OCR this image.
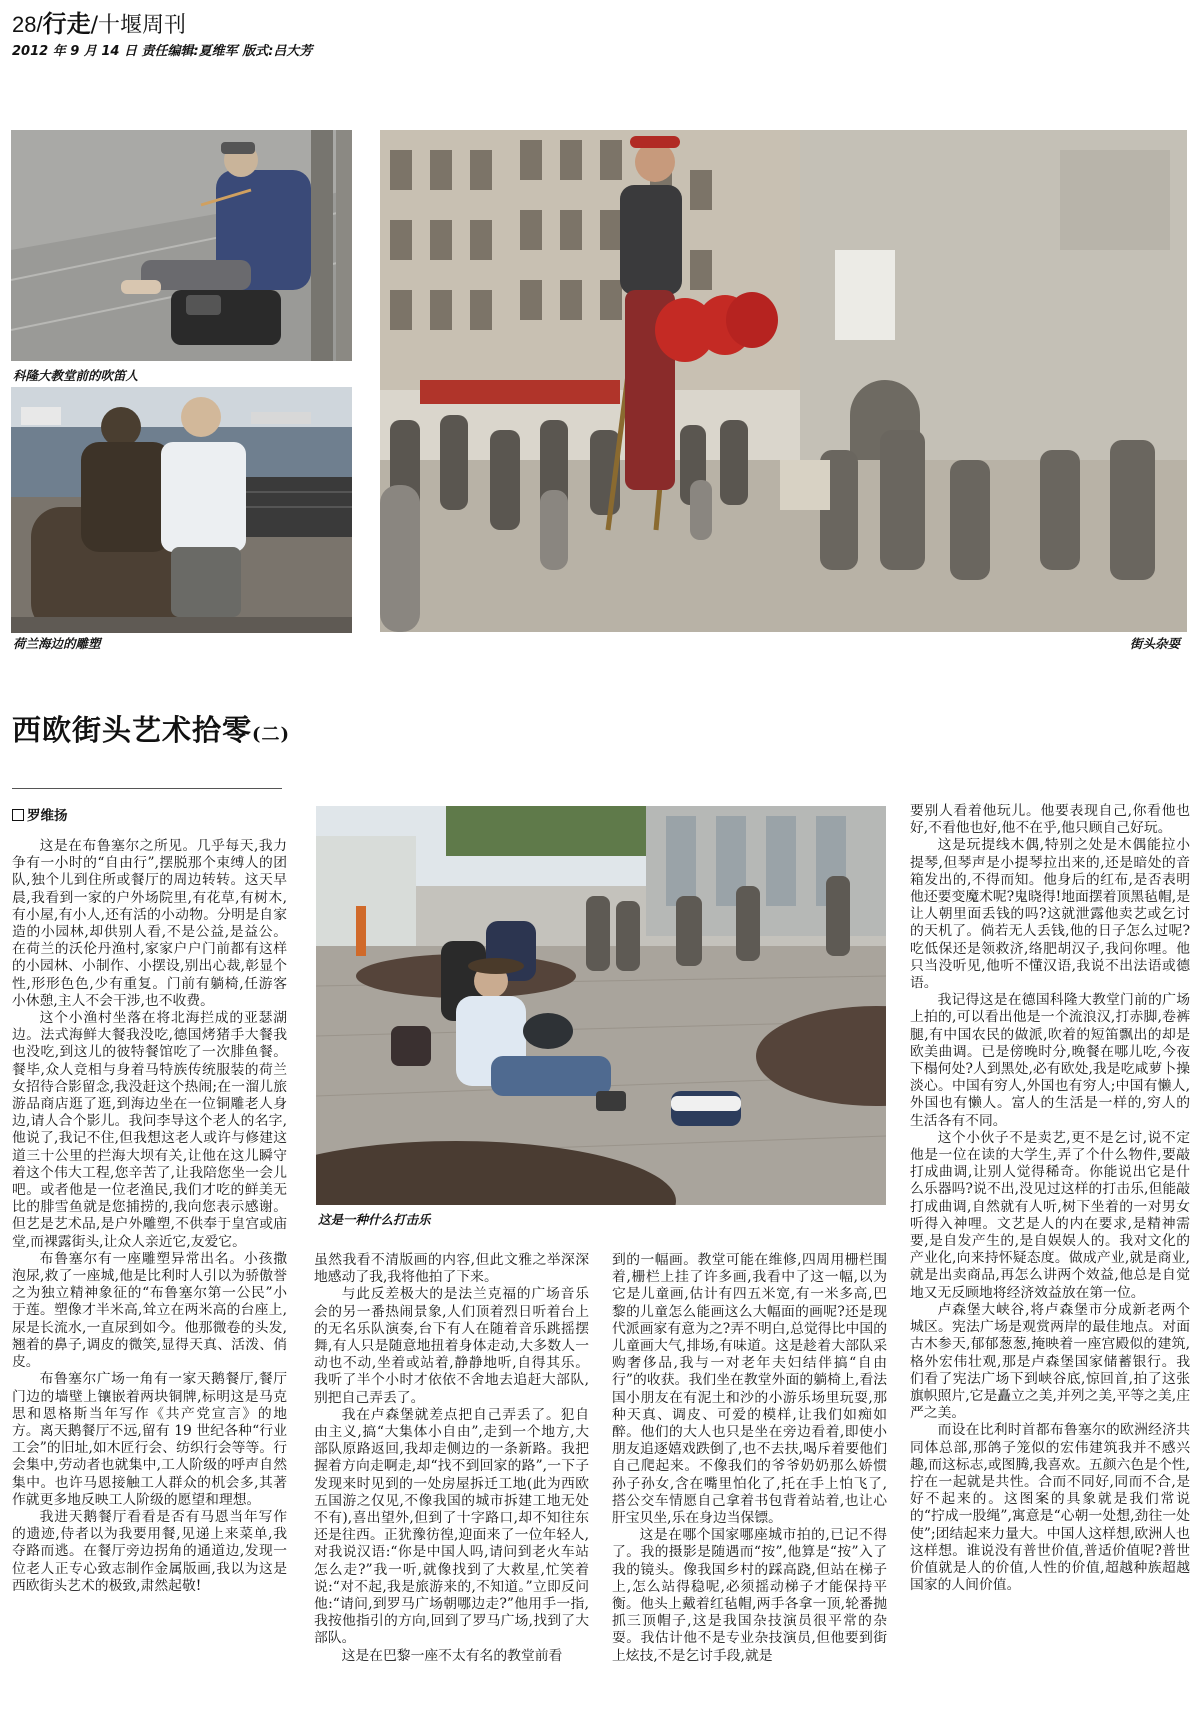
28/行走/十堰周刊
2012 年 9 月 14 日 责任编辑:夏维军 版式:吕大芳
科隆大教堂前的吹笛人
荷兰海边的雕塑	街头杂耍
西欧街头艺术拾零(二)
罗维扬
这是一种什么打击乐

这是在布鲁塞尔之所见。几乎每天,我力争有一小时的“自由行”,摆脱那个束缚人的团队,独个儿到住所或餐厅的周边转转。这天早晨,我看到一家的户外场院里,有花草,有树木,有小屋,有小人,还有活的小动物。分明是自家造的小园林,却供别人看,不是公益,是益公。在荷兰的沃伦丹渔村,家家户户门前都有这样的小园林、小制作、小摆设,别出心裁,彰显个性,形形色色,少有重复。门前有躺椅,任游客小休憩,主人不会干涉,也不收费。

这个小渔村坐落在将北海拦成的亚瑟湖边。法式海鲜大餐我没吃,德国烤猪手大餐我也没吃,到这儿的彼特餐馆吃了一次腓鱼餐。餐毕,众人竞相与身着马特族传统服装的荷兰女招待合影留念,我没赶这个热闹;在一溜儿旅游品商店逛了逛,到海边坐在一位铜雕老人身边,请人合个影儿。我问李导这个老人的名字,他说了,我记不住,但我想这老人或许与修建这道三十公里的拦海大坝有关,让他在这儿瞬守着这个伟大工程,您辛苦了,让我陪您坐一会儿吧。或者他是一位老渔民,我们才吃的鲜美无比的腓雪鱼就是您捕捞的,我向您表示感谢。但艺是艺术品,是户外雕塑,不供奉于皇宫或庙堂,而裸露街头,让众人亲近它,友爱它。

布鲁塞尔有一座雕塑异常出名。小孩撒泡尿,救了一座城,他是比利时人引以为骄傲誉之为独立精神象征的“布鲁塞尔第一公民”小于莲。塑像才半米高,耸立在两米高的台座上,尿是长流水,一直尿到如今。他那微卷的头发,翘着的鼻子,调皮的微笑,显得天真、活泼、俏皮。

布鲁塞尔广场一角有一家天鹅餐厅,餐厅门边的墙壁上镶嵌着两块铜牌,标明这是马克思和恩格斯当年写作《共产党宣言》的地方。离天鹅餐厅不远,留有 19 世纪各种“行业工会”的旧址,如木匠行会、纺织行会等等。行会集中,劳动者也就集中,工人阶级的呼声自然集中。也许马恩接触工人群众的机会多,其著作就更多地反映工人阶级的愿望和理想。

我进天鹅餐厅看看是否有马恩当年写作的遗迹,侍者以为我要用餐,见递上来菜单,我夺路而逃。在餐厅旁边拐角的通道边,发现一位老人正专心致志制作金属版画,我以为这是西欧街头艺术的极致,肃然起敬!

虽然我看不清版画的内容,但此文雅之举深深地感动了我,我将他拍了下来。

与此反差极大的是法兰克福的广场音乐会的另一番热闹景象,人们顶着烈日听着台上的无名乐队演奏,台下有人在随着音乐跳摇摆舞,有人只是随意地扭着身体走动,大多数人一动也不动,坐着或站着,静静地听,自得其乐。我听了半个小时才依依不舍地去追赶大部队,别把自己弄丢了。

我在卢森堡就差点把自己弄丢了。犯自由主义,搞“大集体小自由”,走到一个地方,大部队原路返回,我却走侧边的一条新路。我把握着方向走啊走,却“找不到回家的路”,一下子发现来时见到的一处房屋拆迁工地(此为西欧五国游之仅见,不像我国的城市拆建工地无处不有),喜出望外,但到了十字路口,却不知往东还是往西。正犹豫彷徨,迎面来了一位年轻人,对我说汉语:“你是中国人吗,请问到老火车站怎么走?”我一听,就像找到了大救星,忙笑着说:“对不起,我是旅游来的,不知道。”立即反问他:“请问,到罗马广场朝哪边走?”他用手一指,我按他指引的方向,回到了罗马广场,找到了大部队。

这是在巴黎一座不太有名的教堂前看

到的一幅画。教堂可能在维修,四周用栅栏围着,栅栏上挂了许多画,我看中了这一幅,以为它是儿童画,估计有四五米宽,有一米多高,巴黎的儿童怎么能画这么大幅面的画呢?还是现代派画家有意为之?弄不明白,总觉得比中国的儿童画大气,排场,有味道。这是趁着大部队采购奢侈品,我与一对老年夫妇结伴搞“自由行”的收获。我们坐在教堂外面的躺椅上,看法国小朋友在有泥土和沙的小游乐场里玩耍,那种天真、调皮、可爱的模样,让我们如痴如醉。他们的大人也只是坐在旁边看着,即使小朋友追逐嬉戏跌倒了,也不去扶,喝斥着要他们自己爬起来。不像我们的爷爷奶奶那么娇惯孙子孙女,含在嘴里怕化了,托在手上怕飞了,搭公交车情愿自己拿着书包背着站着,也让心肝宝贝坐,乐在身边当保镖。

这是在哪个国家哪座城市拍的,已记不得了。我的摄影是随遇而“按”,他算是“按”入了我的镜头。像我国乡村的踩高跷,但站在梯子上,怎么站得稳呢,必须摇动梯子才能保持平衡。他头上戴着红毡帽,两手各拿一顶,轮番抛抓三顶帽子,这是我国杂技演员很平常的杂耍。我估计他不是专业杂技演员,但他要到街上炫技,不是乞讨手段,就是

要别人看着他玩儿。他要表现自己,你看他也好,不看他也好,他不在乎,他只顾自己好玩。

这是玩提线木偶,特别之处是木偶能拉小提琴,但琴声是小提琴拉出来的,还是暗处的音箱发出的,不得而知。他身后的红布,是否表明他还要变魔术呢?鬼晓得!地面摆着顶黑毡帽,是让人朝里面丢钱的吗?这就泄露他卖艺或乞讨的天机了。倘若无人丢钱,他的日子怎么过呢?吃低保还是领救济,络肥胡汉子,我问你哩。他只当没听见,他听不懂汉语,我说不出法语或德语。

我记得这是在德国科隆大教堂门前的广场上拍的,可以看出他是一个流浪汉,打赤脚,卷裤腿,有中国农民的做派,吹着的短笛飘出的却是欧美曲调。已是傍晚时分,晚餐在哪儿吃,今夜下榻何处?人到黑处,必有欧处,我是吃咸萝卜操淡心。中国有穷人,外国也有穷人;中国有懒人,外国也有懒人。富人的生活是一样的,穷人的生活各有不同。

这个小伙子不是卖艺,更不是乞讨,说不定他是一位在读的大学生,弄了个什么物件,要敲打成曲调,让别人觉得稀奇。你能说出它是什么乐器吗?说不出,没见过这样的打击乐,但能敲打成曲调,自然就有人听,树下坐着的一对男女听得入神哩。文艺是人的内在要求,是精神需要,是自发产生的,是自娱娱人的。我对文化的产业化,向来持怀疑态度。做成产业,就是商业,就是出卖商品,再怎么讲两个效益,他总是自觉地又无反顾地将经济效益放在第一位。

卢森堡大峡谷,将卢森堡市分成新老两个城区。宪法广场是观赏两岸的最佳地点。对面古木参天,郁郁葱葱,掩映着一座宫殿似的建筑,格外宏伟壮观,那是卢森堡国家储蓄银行。我们看了宪法广场下到峡谷底,惊回首,拍了这张旗帜照片,它是矗立之美,并列之美,平等之美,庄严之美。

而设在比利时首都布鲁塞尔的欧洲经济共同体总部,那鸽子笼似的宏伟建筑我并不感兴趣,而这标志,或图腾,我喜欢。五颜六色是个性,拧在一起就是共性。合而不同好,同而不合,是好不起来的。这图案的具象就是我们常说的“拧成一股绳”,寓意是“心朝一处想,劲往一处使”;团结起来力量大。中国人这样想,欧洲人也这样想。谁说没有普世价值,普适价值呢?普世价值就是人的价值,人性的价值,超越种族超越国家的人间价值。
